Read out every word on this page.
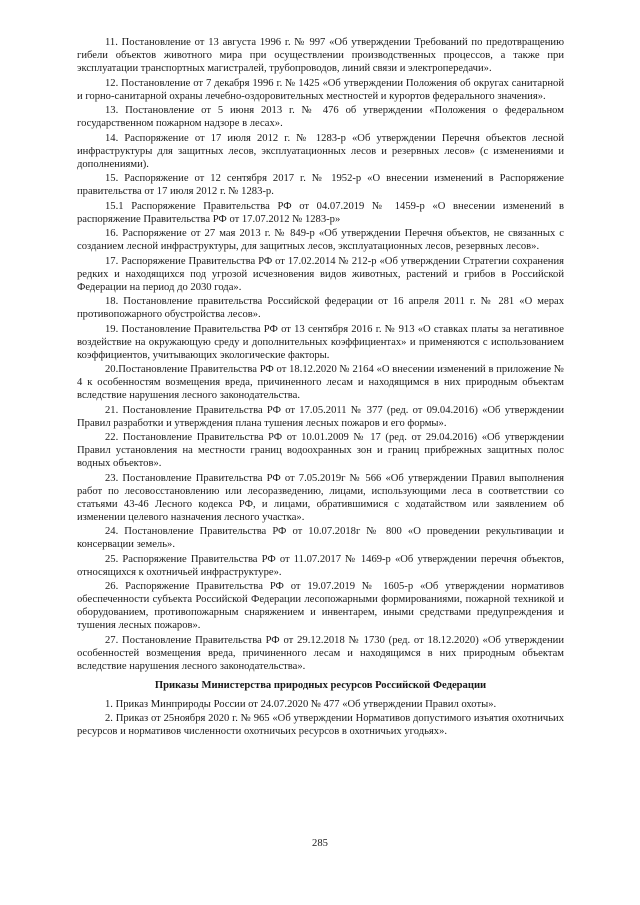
11. Постановление от 13 августа 1996 г. № 997 «Об утверждении Требований по предотвращению гибели объектов животного мира при осуществлении производственных процессов, а также при эксплуатации транспортных магистралей, трубопроводов, линий связи и электропередачи».

12. Постановление от 7 декабря 1996 г. № 1425 «Об утверждении Положения об округах санитарной и горно-санитарной охраны лечебно-оздоровительных местностей и курортов федерального значения».

13. Постановление от 5 июня 2013 г. № 476 об утверждении «Положения о федеральном государственном пожарном надзоре в лесах».

14. Распоряжение от 17 июля 2012 г. № 1283-р «Об утверждении Перечня объектов лесной инфраструктуры для защитных лесов, эксплуатационных лесов и резервных лесов» (с изменениями и дополнениями).

15. Распоряжение от 12 сентября 2017 г. № 1952-р «О внесении изменений в Распоряжение правительства от 17 июля 2012 г. № 1283-р.

15.1 Распоряжение Правительства РФ от 04.07.2019 № 1459-р «О внесении изменений в распоряжение Правительства РФ от 17.07.2012 № 1283-р»

16. Распоряжение от 27 мая 2013 г. № 849-р «Об утверждении Перечня объектов, не связанных с созданием лесной инфраструктуры, для защитных лесов, эксплуатационных лесов, резервных лесов».

17. Распоряжение Правительства РФ от 17.02.2014 № 212-р «Об утверждении Стратегии сохранения редких и находящихся под угрозой исчезновения видов животных, растений и грибов в Российской Федерации на период до 2030 года».

18. Постановление правительства Российской федерации от 16 апреля 2011 г. № 281 «О мерах противопожарного обустройства лесов».

19. Постановление Правительства РФ от 13 сентября 2016 г. № 913 «О ставках платы за негативное воздействие на окружающую среду и дополнительных коэффициентах» и применяются с использованием коэффициентов, учитывающих экологические факторы.

20.Постановление Правительства РФ от 18.12.2020 № 2164 «О внесении изменений в приложение № 4 к особенностям возмещения вреда, причиненного лесам и находящимся в них природным объектам вследствие нарушения лесного законодательства.

21. Постановление Правительства РФ от 17.05.2011 № 377 (ред. от 09.04.2016) «Об утверждении Правил разработки и утверждения плана тушения лесных пожаров и его формы».

22. Постановление Правительства РФ от 10.01.2009 № 17 (ред. от 29.04.2016) «Об утверждении Правил установления на местности границ водоохранных зон и границ прибрежных защитных полос водных объектов».

23. Постановление Правительства РФ от 7.05.2019г № 566 «Об утверждении Правил выполнения работ по лесовосстановлению или лесоразведению, лицами, использующими леса в соответствии со статьями 43-46 Лесного кодекса РФ, и лицами, обратившимися с ходатайством или заявлением об изменении целевого назначения лесного участка».

24. Постановление Правительства РФ от 10.07.2018г № 800 «О проведении рекультивации и консервации земель».

25. Распоряжение Правительства РФ от 11.07.2017 № 1469-р «Об утверждении перечня объектов, относящихся к охотничьей инфраструктуре».

26. Распоряжение Правительства РФ от 19.07.2019 № 1605-р «Об утверждении нормативов обеспеченности субъекта Российской Федерации лесопожарными формированиями, пожарной техникой и оборудованием, противопожарным снаряжением и инвентарем, иными средствами предупреждения и тушения лесных пожаров».

27. Постановление Правительства РФ от 29.12.2018 № 1730 (ред. от 18.12.2020) «Об утверждении особенностей возмещения вреда, причиненного лесам и находящимся в них природным объектам вследствие нарушения лесного законодательства».

Приказы Министерства природных ресурсов Российской Федерации

1. Приказ Минприроды России от 24.07.2020 № 477 «Об утверждении Правил охоты».

2. Приказ от 25ноября 2020 г. № 965 «Об утверждении Нормативов допустимого изъятия охотничьих ресурсов и нормативов численности охотничьих ресурсов в охотничьих угодьях».

285
